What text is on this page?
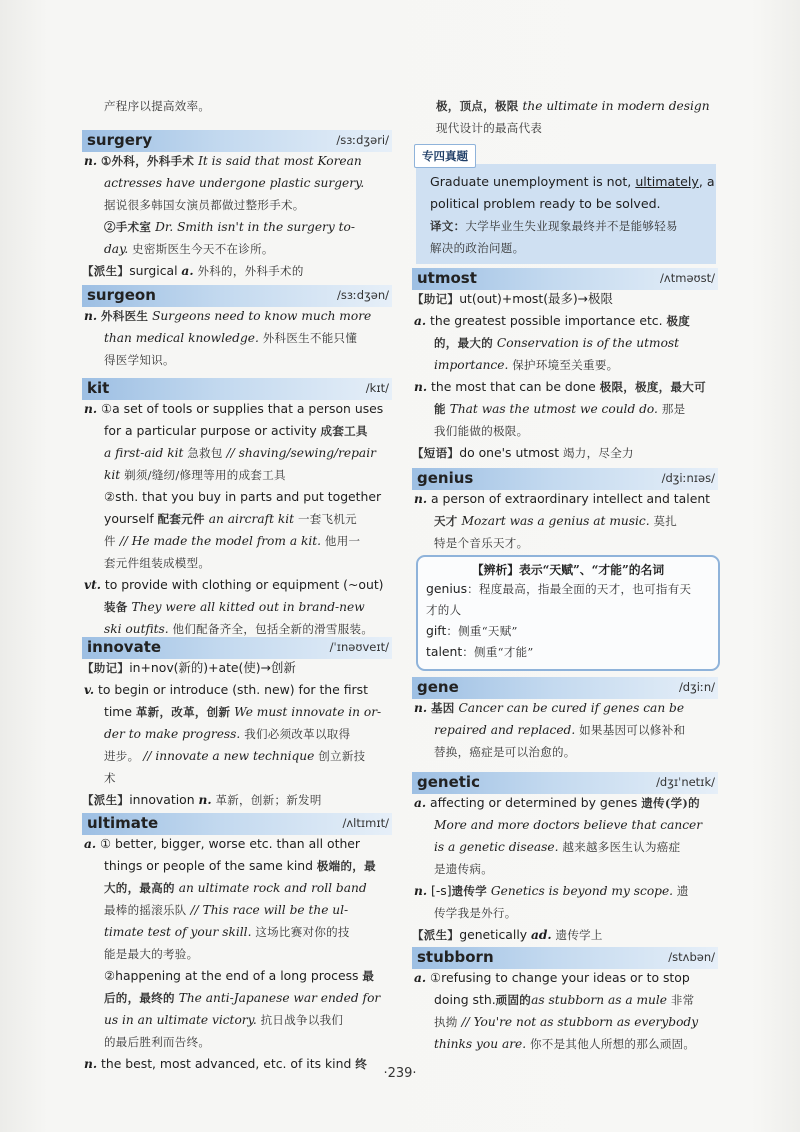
产程序以提高效率。
surgery	/sɜːdʒəri/
n. ①外科，外科手术 It is said that most Korean
actresses have undergone plastic surgery.
据说很多韩国女演员都做过整形手术。
②手术室 Dr. Smith isn't in the surgery to-
day. 史密斯医生今天不在诊所。
【派生】surgical a. 外科的，外科手术的
surgeon	/sɜːdʒən/
n. 外科医生 Surgeons need to know much more
than medical knowledge. 外科医生不能只懂
得医学知识。
kit	/kɪt/
n. ①a set of tools or supplies that a person uses
for a particular purpose or activity 成套工具
a first-aid kit 急救包 // shaving/sewing/repair
kit 剃须/缝纫/修理等用的成套工具
②sth. that you buy in parts and put together
yourself 配套元件 an aircraft kit 一套飞机元
件 // He made the model from a kit. 他用一
套元件组装成模型。
vt. to provide with clothing or equipment (~out)
装备 They were all kitted out in brand-new
ski outfits. 他们配备齐全，包括全新的滑雪服装。
innovate	/ˈɪnəʊveɪt/
【助记】in+nov(新的)+ate(使)→创新
v. to begin or introduce (sth. new) for the first
time 革新，改革，创新 We must innovate in or-
der to make progress. 我们必须改革以取得
进步。 // innovate a new technique 创立新技
术
【派生】innovation n. 革新，创新；新发明
ultimate	/ʌltɪmɪt/
a. ① better, bigger, worse etc. than all other
things or people of the same kind 极端的，最
大的，最高的 an ultimate rock and roll band
最棒的摇滚乐队 // This race will be the ul-
timate test of your skill. 这场比赛对你的技
能是最大的考验。
②happening at the end of a long process 最
后的，最终的 The anti-Japanese war ended for
us in an ultimate victory. 抗日战争以我们
的最后胜利而告终。
n. the best, most advanced, etc. of its kind 终
极，顶点，极限 the ultimate in modern design
现代设计的最高代表
专四真题
Graduate unemployment is not, ultimately, a
political problem ready to be solved.
译文：大学毕业生失业现象最终并不是能够轻易
解决的政治问题。
utmost	/ʌtməʊst/
【助记】ut(out)+most(最多)→极限
a. the greatest possible importance etc. 极度
的，最大的 Conservation is of the utmost
importance. 保护环境至关重要。
n. the most that can be done 极限，极度，最大可
能 That was the utmost we could do. 那是
我们能做的极限。
【短语】do one's utmost 竭力，尽全力
genius	/dʒiːnɪəs/
n. a person of extraordinary intellect and talent
天才 Mozart was a genius at music. 莫扎
特是个音乐天才。
【辨析】表示“天赋”、“才能”的名词
genius：程度最高，指最全面的天才，也可指有天
才的人
gift：侧重“天赋”
talent：侧重“才能”
gene	/dʒiːn/
n. 基因 Cancer can be cured if genes can be
repaired and replaced. 如果基因可以修补和
替换，癌症是可以治愈的。
genetic	/dʒɪˈnetɪk/
a. affecting or determined by genes 遗传(学)的
More and more doctors believe that cancer
is a genetic disease. 越来越多医生认为癌症
是遗传病。
n. [-s]遗传学 Genetics is beyond my scope. 遗
传学我是外行。
【派生】genetically ad. 遗传学上
stubborn	/stʌbən/
a. ①refusing to change your ideas or to stop
doing sth.顽固的as stubborn as a mule 非常
执拗 // You're not as stubborn as everybody
thinks you are. 你不是其他人所想的那么顽固。
·239·
